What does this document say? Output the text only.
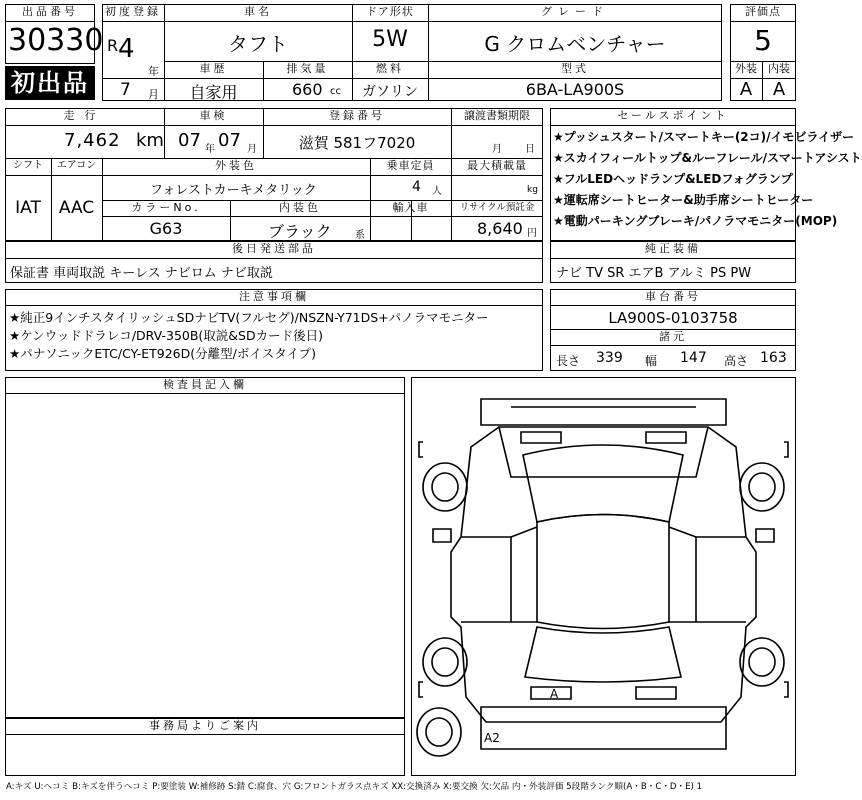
出品番号
30330
初出品
初度登録
R 4
年
7 月
車名
タフト
ドア形状
5W
グレード
G クロムベンチャー
車歴
自家用
排気量
660 cc
燃料
ガソリン
型式
6BA-LA900S
評価点
5
外装	内装
A	A
走行
7,462 km
車検
07 年 07 月
登録番号
滋賀 581フ7020
譲渡書類期限
月 日
シフト
IAT
エアコン
AAC
外装色
フォレストカーキメタリック
乗車定員
4 人
最大積載量
kg
カラーNo.
G63
内装色
ブラック 系
輸入車	リサイクル預託金
8,640 円
後日発送部品
保証書 車両取説 キーレス ナビロム ナビ取説
セールスポイント
★プッシュスタート/スマートキー(2コ)/イモビライザー
★スカイフィールトップ&ルーフレール/スマートアシスト
★フルLEDヘッドランプ&LEDフォグランプ
★運転席シートヒーター&助手席シートヒーター
★電動パーキングブレーキ/パノラマモニター(MOP)
純正装備
ナビ TV SR エアB アルミ PS PW
注意事項欄
★純正9インチスタイリッシュSDナビTV(フルセグ)/NSZN-Y71DS+パノラマモニター
★ケンウッドドラレコ/DRV-350B(取説&SDカード後日)
★パナソニックETC/CY-ET926D(分離型/ボイスタイプ)
車台番号
LA900S-0103758
諸元
長さ 339 幅 147 高さ 163
検査員記入欄
事務局よりご案内
A
A2
A:キズ U:ヘコミ B:キズを伴うヘコミ P:要塗装 W:補修跡 S:錆 C:腐食、穴 G:フロントガラス点キズ XX:交換済み X:要交換 欠:欠品 内・外装評価 5段階ランク順(A・B・C・D・E) 1
